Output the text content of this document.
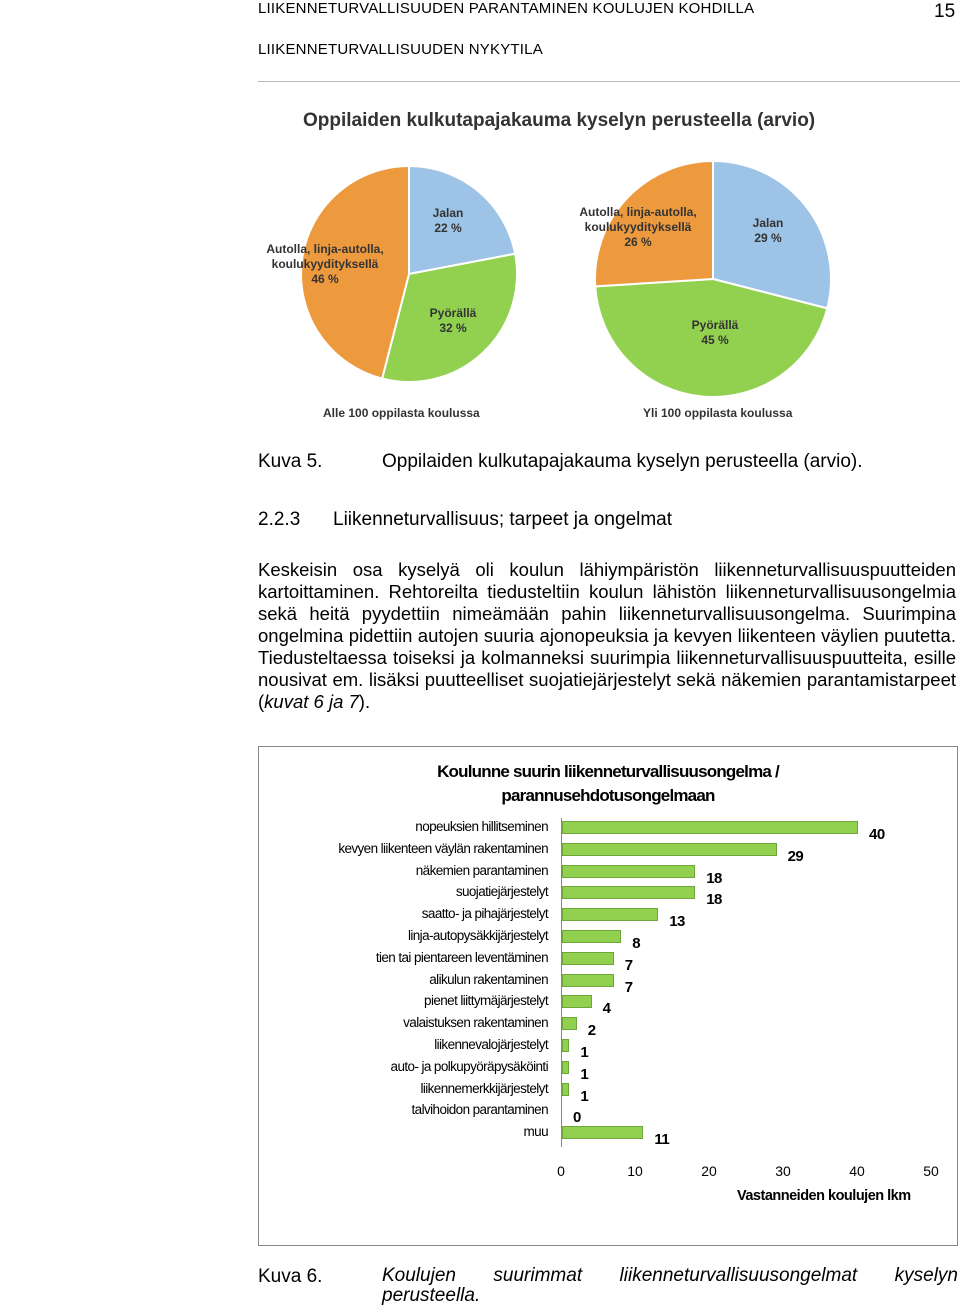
LIIKENNETURVALLISUUDEN PARANTAMINEN KOULUJEN KOHDILLA
LIIKENNETURVALLISUUDEN NYKYTILA
15
Oppilaiden kulkutapajakauma kyselyn perusteella (arvio)
Jalan
22 %
Pyörällä
32 %
Autolla, linja-autolla,
koulukyyditykseIlä
46 %
Alle 100 oppilasta koulussa
Jalan
29 %
Pyörällä
45 %
Autolla, linja-autolla,
koulukyydityksellä
26 %
Yli 100 oppilasta koulussa
Kuva 5.	Oppilaiden kulkutapajakauma kyselyn perusteella (arvio).
2.2.3 Liikenneturvallisuus; tarpeet ja ongelmat
Keskeisin osa kyselyä oli koulun lähiympäristön liikenneturvallisuuspuutteiden kartoittaminen. Rehtoreilta tiedusteltiin koulun lähistön liikenneturvallisuusongelmia sekä heitä pyydettiin nimeämään pahin liikenneturvallisuusongelma. Suurimpina ongelmina pidettiin autojen suuria ajonopeuksia ja kevyen liikenteen väylien puutetta. Tiedusteltaessa toiseksi ja kolmanneksi suurimpia liikenneturvallisuuspuutteita, esille nousivat em. lisäksi puutteelliset suojatiejärjestelyt sekä näkemien parantamistarpeet (kuvat 6 ja 7).
Koulunne suurin liikenneturvallisuusongelma /
parannusehdotusongelmaan
nopeuksien hillitseminen	40
kevyen liikenteen väylän rakentaminen	29
näkemien parantaminen	18
suojatiejärjestelyt	18
saatto- ja pihajärjestelyt	13
linja-autopysäkkijärjestelyt	8
tien tai pientareen leventäminen	7
alikulun rakentaminen	7
pienet liittymäjärjestelyt	4
valaistuksen rakentaminen	2
liikennevalojärjestelyt 1
auto- ja polkupyöräpysäköinti 1
liikennemerkkijärjestelyt 1
talvihoidon parantaminen 0
muu	11
0	10	20	30	40	50
Vastanneiden koulujen lkm
Kuva 6.	Koulujen suurimmat liikenneturvallisuusongelmat kyselyn perusteella.
